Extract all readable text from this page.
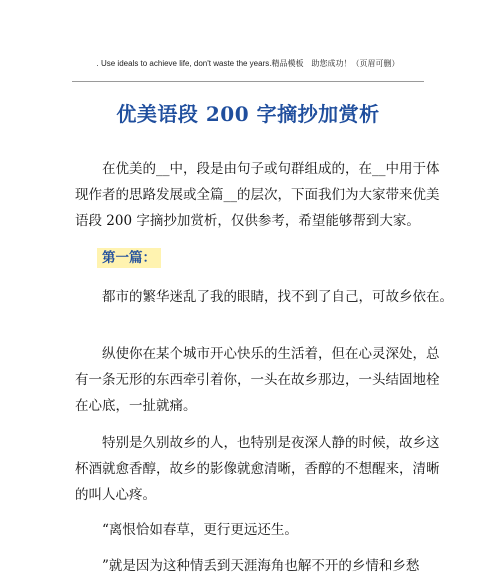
. Use ideals to achieve life, don't waste the years.精品模板　助您成功！（页眉可删）
优美语段 200 字摘抄加赏析
在优美的__中，段是由句子或句群组成的，在__中用于体
现作者的思路发展或全篇__的层次，下面我们为大家带来优美
语段 200 字摘抄加赏析，仅供参考，希望能够帮到大家。
第一篇：
都市的繁华迷乱了我的眼睛，找不到了自己，可故乡依在。
纵使你在某个城市开心快乐的生活着，但在心灵深处，总
有一条无形的东西牵引着你，一头在故乡那边，一头结固地栓
在心底，一扯就痛。
特别是久别故乡的人，也特别是夜深人静的时候，故乡这
杯酒就愈香醇，故乡的影像就愈清晰，香醇的不想醒来，清晰
的叫人心疼。
“离恨恰如春草，更行更远还生。
”就是因为这种情丢到天涯海角也解不开的乡情和乡愁
